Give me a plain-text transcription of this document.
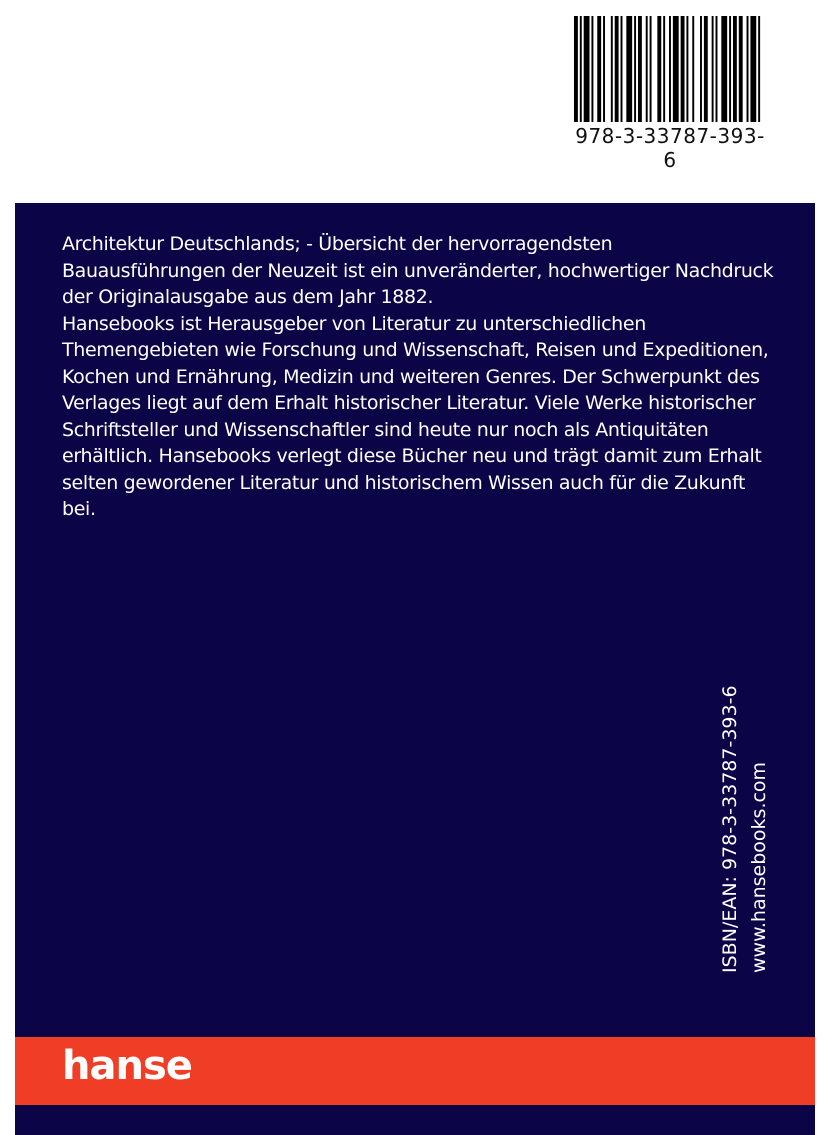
978-3-33787-393-6

Architektur Deutschlands; - Übersicht der hervorragendsten
Bauausführungen der Neuzeit ist ein unveränderter, hochwertiger Nachdruck
der Originalausgabe aus dem Jahr 1882.
Hansebooks ist Herausgeber von Literatur zu unterschiedlichen
Themengebieten wie Forschung und Wissenschaft, Reisen und Expeditionen,
Kochen und Ernährung, Medizin und weiteren Genres. Der Schwerpunkt des
Verlages liegt auf dem Erhalt historischer Literatur. Viele Werke historischer
Schriftsteller und Wissenschaftler sind heute nur noch als Antiquitäten
erhältlich. Hansebooks verlegt diese Bücher neu und trägt damit zum Erhalt
selten gewordener Literatur und historischem Wissen auch für die Zukunft
bei.

ISBN/EAN: 978-3-33787-393-6 www.hansebooks.com
hanse
